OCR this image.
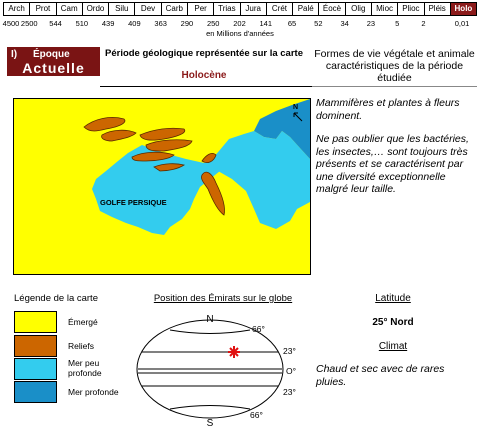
Arch	Prot	Cam	Ordo	Silu	Dev	Carb	Per	Trias	Jura	Crét	Palé	Éocè	Olig	Mioc	Plioc	Pléis	Holo
4500 2500 544 510 439 409 363 290 250 202 141 65 52 34 23	5	2	0,01
en Millions d'années
I) Époque
Actuelle
Période géologique représentée sur la carte
Holocène
Formes de vie végétale et animale caractéristiques de la période étudiée
GOLFE PERSIQUE
N Mammifères et plantes à fleurs dominent.

Ne pas oublier que les bactéries, les insectes,… sont toujours très présents et se caractérisent par une diversité exceptionnelle malgré leur taille.

Légende de la carte
Émergé
Reliefs
Mer peu profonde
Mer profonde
Position des Émirats sur le globe
N
S
66°
23°
O°
23°
66°
Latitude
25° Nord
Climat
Chaud et sec avec de rares pluies.
